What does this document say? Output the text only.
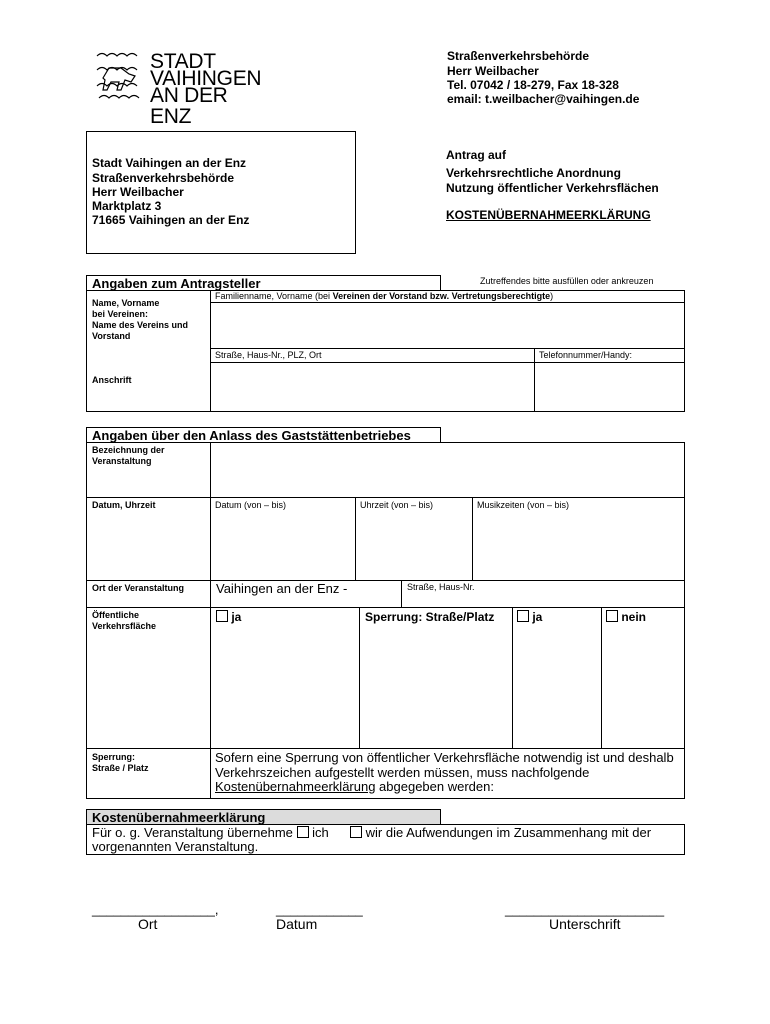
STADT
VAIHINGEN
AN DER ENZ
Straßenverkehrsbehörde
Herr Weilbacher
Tel. 07042 / 18-279, Fax 18-328
email: t.weilbacher@vaihingen.de
Stadt Vaihingen an der Enz
Straßenverkehrsbehörde
Herr Weilbacher
Marktplatz 3
71665 Vaihingen an der Enz
Antrag auf
Verkehrsrechtliche Anordnung
Nutzung öffentlicher Verkehrsflächen
KOSTENÜBERNAHMEERKLÄRUNG
Angaben zum Antragsteller	Zutreffendes bitte ausfüllen oder ankreuzen
Name, Vorname
bei Vereinen:
Name des Vereins und
Vorstand
Familienname, Vorname (bei Vereinen der Vorstand bzw. Vertretungsberechtigte)
Anschrift
Straße, Haus-Nr., PLZ, Ort	Telefonnummer/Handy:
Angaben über den Anlass des Gaststättenbetriebes
Bezeichnung der
Veranstaltung
Datum, Uhrzeit	Datum (von – bis)	Uhrzeit (von – bis)	Musikzeiten (von – bis)
Ort der Veranstaltung Vaihingen an der Enz -	Straße, Haus-Nr.
Öffentliche
Verkehrsfläche
ja	Sperrung: Straße/Platz	ja	nein
Sperrung:
Straße / Platz
Sofern eine Sperrung von öffentlicher Verkehrsfläche notwendig ist und deshalb
Verkehrszeichen aufgestellt werden müssen, muss nachfolgende
Kostenübernahmeerklärung abgegeben werden:
Kostenübernahmeerklärung
Für o. g. Veranstaltung übernehme  ich	wir die Aufwendungen im Zusammenhang mit der
vorgenannten Veranstaltung.
_________________,	____________	______________________
Ort	Datum	Unterschrift
